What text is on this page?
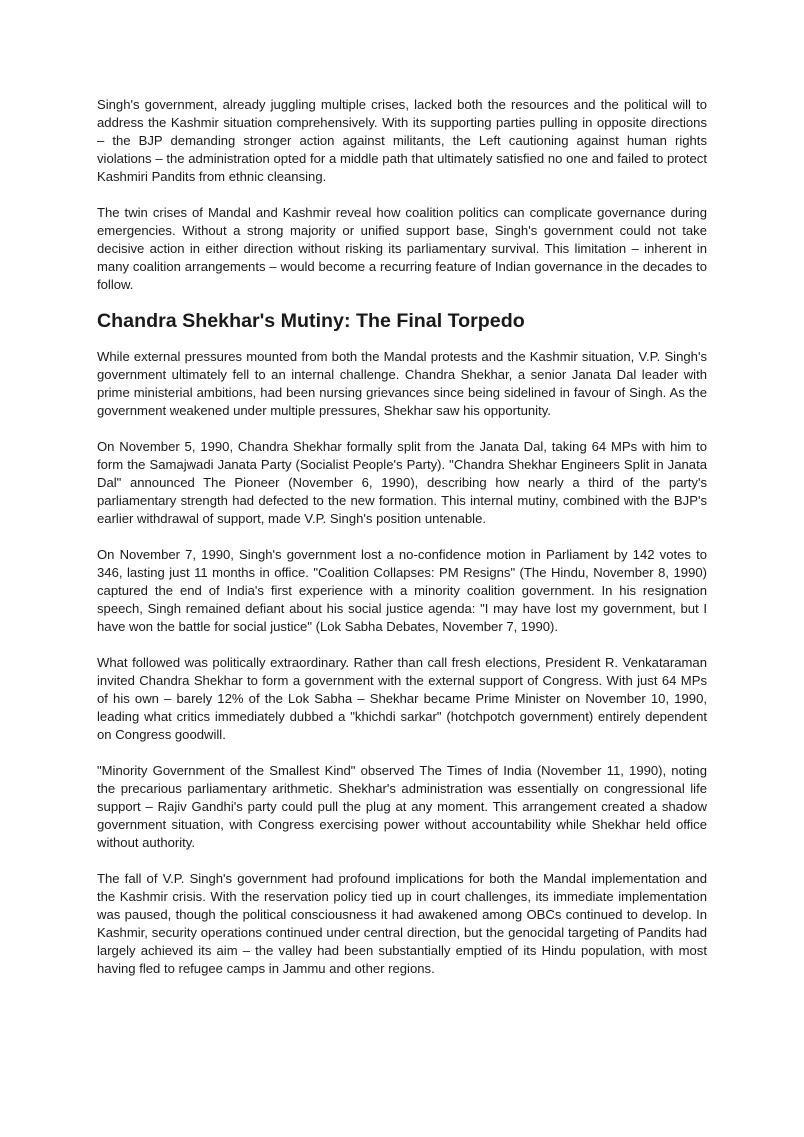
Singh's government, already juggling multiple crises, lacked both the resources and the political will to address the Kashmir situation comprehensively. With its supporting parties pulling in opposite directions – the BJP demanding stronger action against militants, the Left cautioning against human rights violations – the administration opted for a middle path that ultimately satisfied no one and failed to protect Kashmiri Pandits from ethnic cleansing.

The twin crises of Mandal and Kashmir reveal how coalition politics can complicate governance during emergencies. Without a strong majority or unified support base, Singh's government could not take decisive action in either direction without risking its parliamentary survival. This limitation – inherent in many coalition arrangements – would become a recurring feature of Indian governance in the decades to follow.

Chandra Shekhar's Mutiny: The Final Torpedo

While external pressures mounted from both the Mandal protests and the Kashmir situation, V.P. Singh's government ultimately fell to an internal challenge. Chandra Shekhar, a senior Janata Dal leader with prime ministerial ambitions, had been nursing grievances since being sidelined in favour of Singh. As the government weakened under multiple pressures, Shekhar saw his opportunity.

On November 5, 1990, Chandra Shekhar formally split from the Janata Dal, taking 64 MPs with him to form the Samajwadi Janata Party (Socialist People's Party). "Chandra Shekhar Engineers Split in Janata Dal" announced The Pioneer (November 6, 1990), describing how nearly a third of the party's parliamentary strength had defected to the new formation. This internal mutiny, combined with the BJP's earlier withdrawal of support, made V.P. Singh's position untenable.

On November 7, 1990, Singh's government lost a no-confidence motion in Parliament by 142 votes to 346, lasting just 11 months in office. "Coalition Collapses: PM Resigns" (The Hindu, November 8, 1990) captured the end of India's first experience with a minority coalition government. In his resignation speech, Singh remained defiant about his social justice agenda: "I may have lost my government, but I have won the battle for social justice" (Lok Sabha Debates, November 7, 1990).

What followed was politically extraordinary. Rather than call fresh elections, President R. Venkataraman invited Chandra Shekhar to form a government with the external support of Congress. With just 64 MPs of his own – barely 12% of the Lok Sabha – Shekhar became Prime Minister on November 10, 1990, leading what critics immediately dubbed a "khichdi sarkar" (hotchpotch government) entirely dependent on Congress goodwill.

"Minority Government of the Smallest Kind" observed The Times of India (November 11, 1990), noting the precarious parliamentary arithmetic. Shekhar's administration was essentially on congressional life support – Rajiv Gandhi's party could pull the plug at any moment. This arrangement created a shadow government situation, with Congress exercising power without accountability while Shekhar held office without authority.

The fall of V.P. Singh's government had profound implications for both the Mandal implementation and the Kashmir crisis. With the reservation policy tied up in court challenges, its immediate implementation was paused, though the political consciousness it had awakened among OBCs continued to develop. In Kashmir, security operations continued under central direction, but the genocidal targeting of Pandits had largely achieved its aim – the valley had been substantially emptied of its Hindu population, with most having fled to refugee camps in Jammu and other regions.
